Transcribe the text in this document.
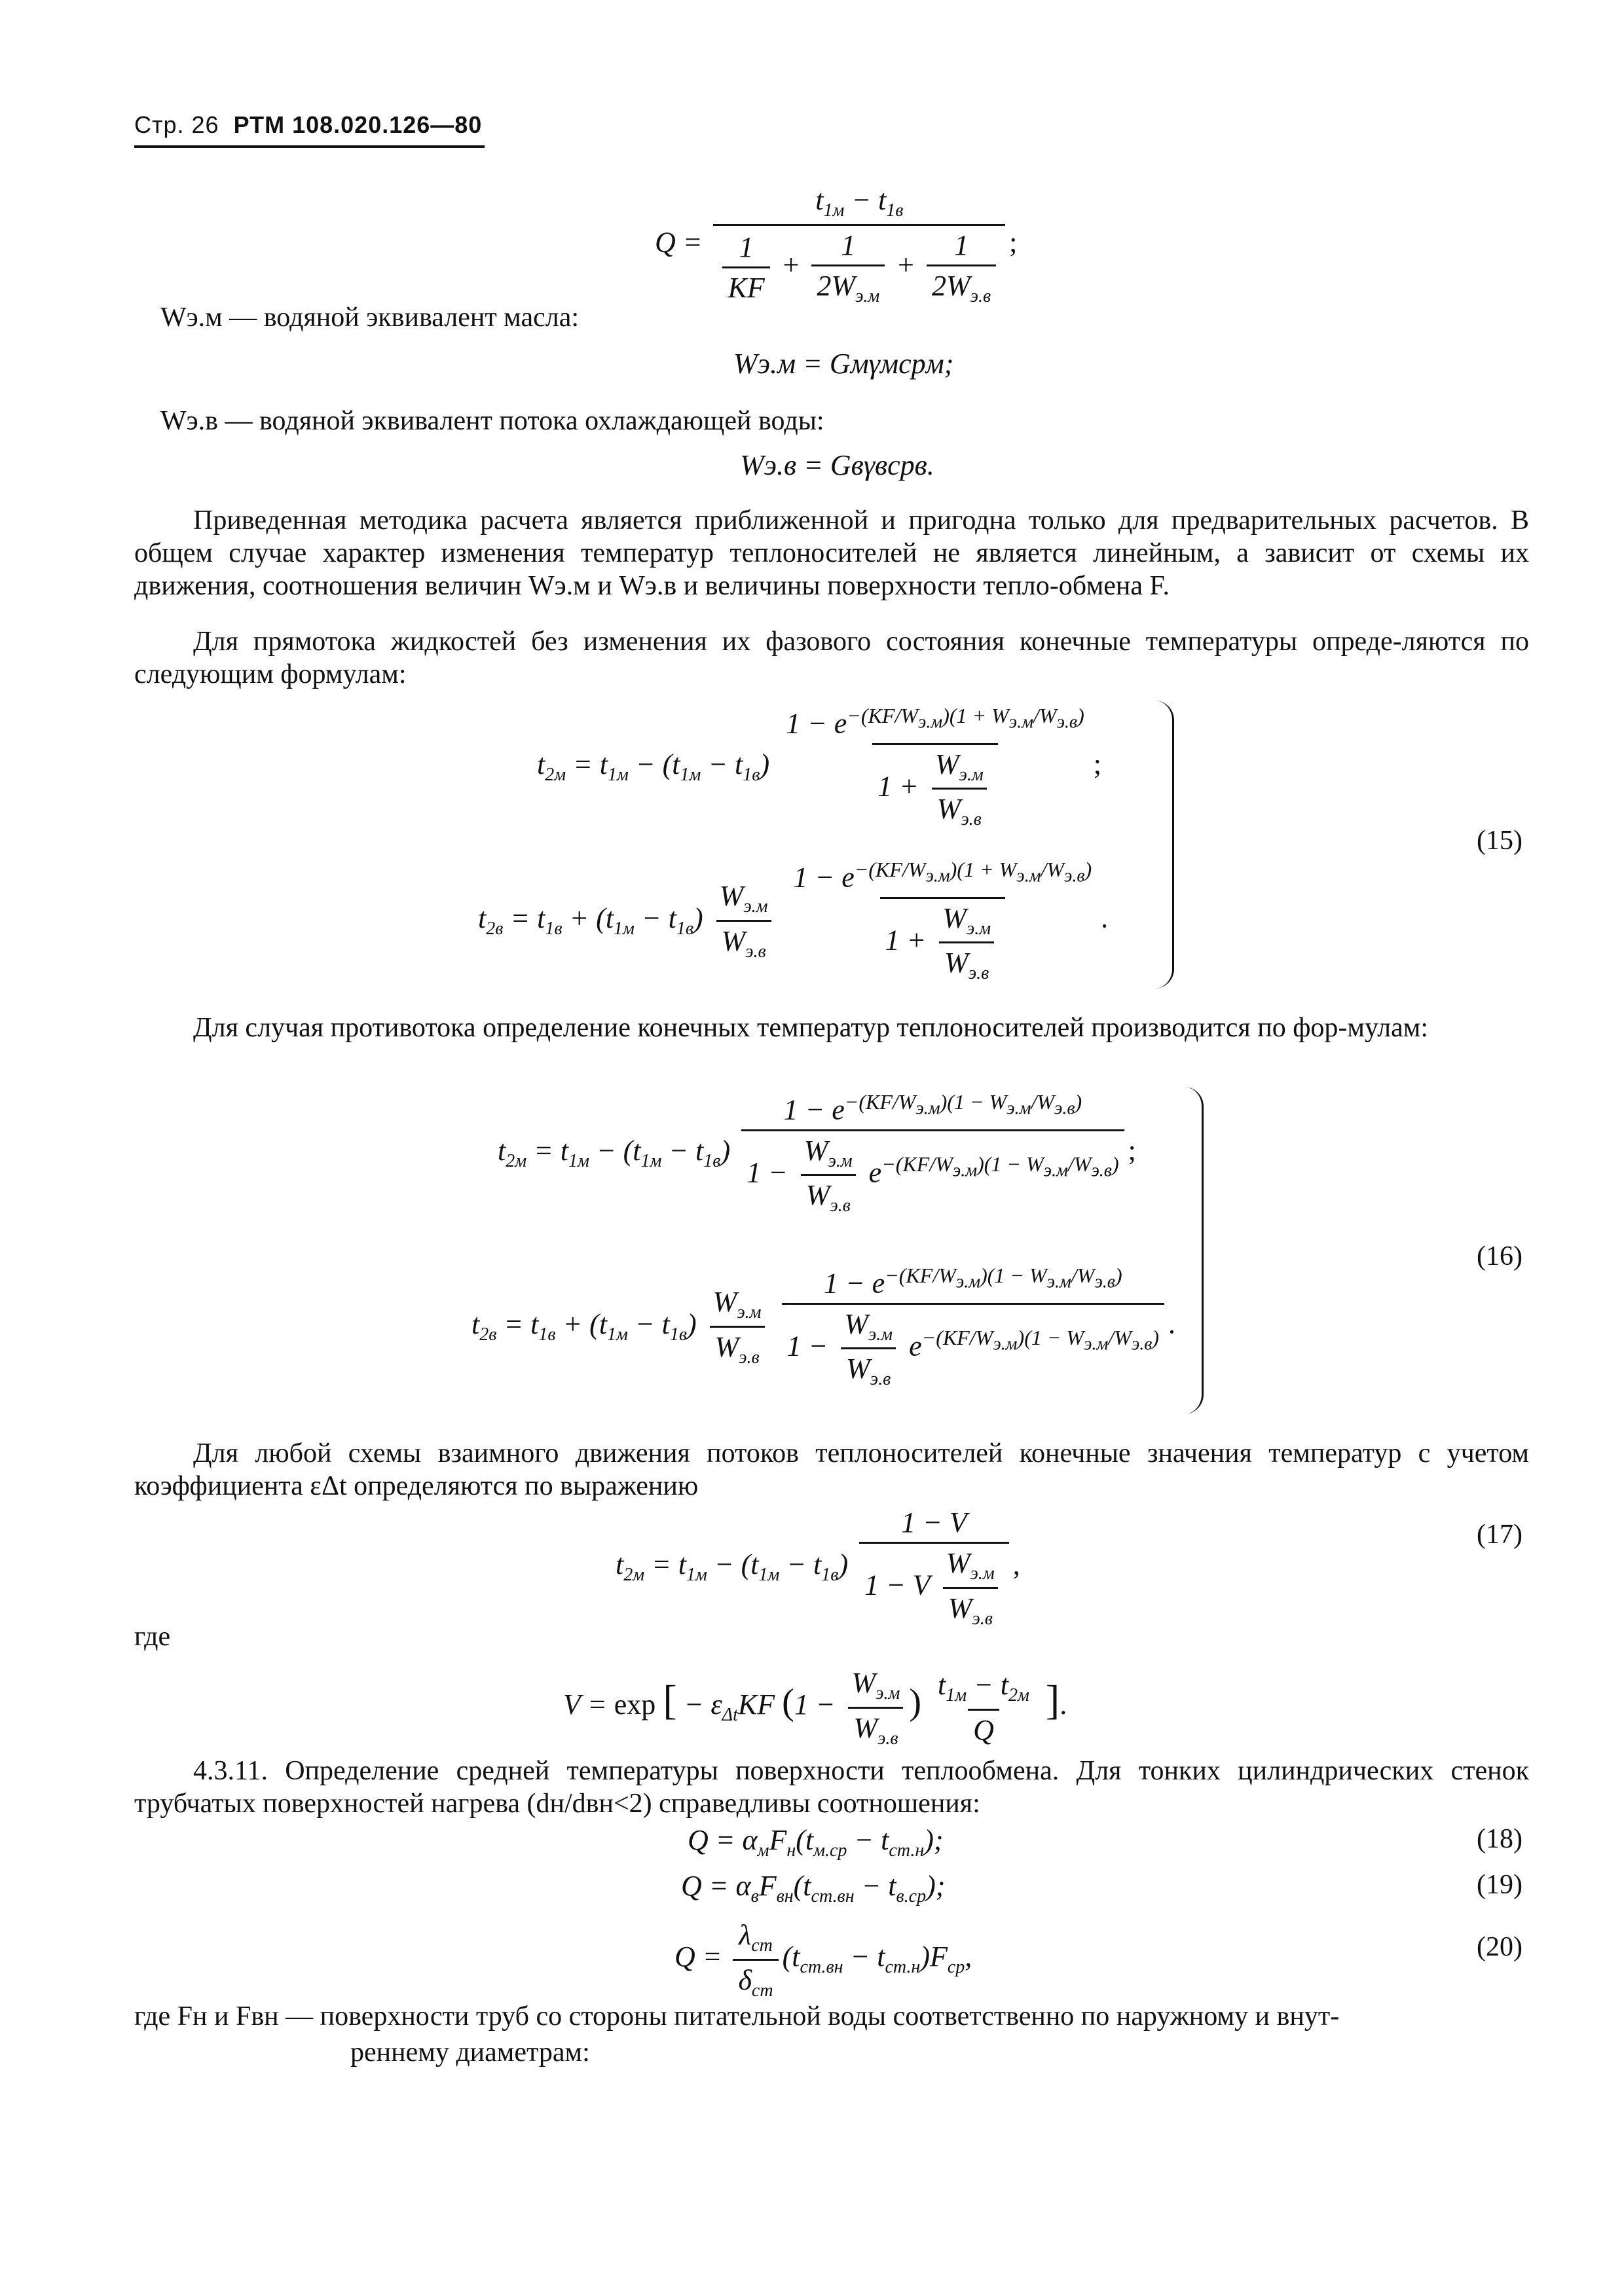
Стр. 26 РТМ 108.020.126—80
$Q = \frac{t_{1м} - t_{1в}}{\frac{1}{KF} + \frac{1}{2W_{э.м}} + \frac{1}{2W_{э.в}}}$ ;
Wэ.м — водяной эквивалент масла:
Wэ.м = Gмγмcpм;
Wэ.в — водяной эквивалент потока охлаждающей воды:
Wэ.в = Gвγвcpв.
Приведенная методика расчета является приближенной и пригодна только для предварительных расчетов. В общем случае характер изменения температур теплоносителей не является линейным, а зависит от схемы их движения, соотношения величин Wэ.м и Wэ.в и величины поверхности тепло-обмена F.
Для прямотока жидкостей без изменения их фазового состояния конечные температуры опреде-ляются по следующим формулам:
$t_{2м} = t_{1м} - (t_{1м} - t_{1в}) \frac{1 - e^{-(KF/W_{э.м})(1 + W_{э.м}/W_{э.в})}}{1 + \frac{W_{э.м}}{W_{э.в}}}$ ;
$t_{2в} = t_{1в} + (t_{1м} - t_{1в}) \frac{W_{э.м}}{W_{э.в}}$
$\frac{1 - e^{-(KF/W_{э.м})(1 + W_{э.м}/W_{э.в})}}{1 + \frac{W_{э.м}}{W_{э.в}}}$ .
(15)
Для случая противотока определение конечных температур теплоносителей производится по фор-мулам:
$t_{2м} = t_{1м} - (t_{1м} - t_{1в}) \frac{1 - e^{-(KF/W_{э.м})(1 - W_{э.м}/W_{э.в})}}{1 - \frac{W_{э.м}}{W_{э.в}} e^{-(KF/W_{э.м})(1 - W_{э.м}/W_{э.в})}}$ ;
$t_{2в} = t_{1в} + (t_{1м} - t_{1в}) \frac{W_{э.м}}{W_{э.в}}$
$\frac{1 - e^{-(KF/W_{э.м})(1 - W_{э.м}/W_{э.в})}}{1 - \frac{W_{э.м}}{W_{э.в}} e^{-(KF/W_{э.м})(1 - W_{э.м}/W_{э.в})}}$ .
(16)
Для любой схемы взаимного движения потоков теплоносителей конечные значения температур с учетом коэффициента εΔt определяются по выражению
$t_{2м} = t_{1м} - (t_{1м} - t_{1в}) \frac{1 - V}{1 - V \frac{W_{э.м}}{W_{э.в}}}$ ,
(17)
где
V = exp [ − $\varepsilon_{\Delta t}KF$ ($1 - \frac{W_{э.м}}{W_{э.в}}$ ) $\frac{t_{1м} - t_{2м}}{Q}$ ].
4.3.11. Определение средней температуры поверхности теплообмена. Для тонких цилиндрических стенок трубчатых поверхностей нагрева (dн/dвн<2) справедливы соотношения:
$Q = \alpha_мF_н(t_{м.ср} - t_{ст.н})$;	(18)
$Q = \alpha_вF_{вн}(t_{ст.вн} - t_{в.ср})$;	(19)
$Q = \frac{\lambda_{ст}}{\delta_{ст}} (t_{ст.вн} - t_{ст.н})F_{ср}$,	(20)
где Fн и Fвн — поверхности труб со стороны питательной воды соответственно по наружному и внут-
реннему диаметрам:
